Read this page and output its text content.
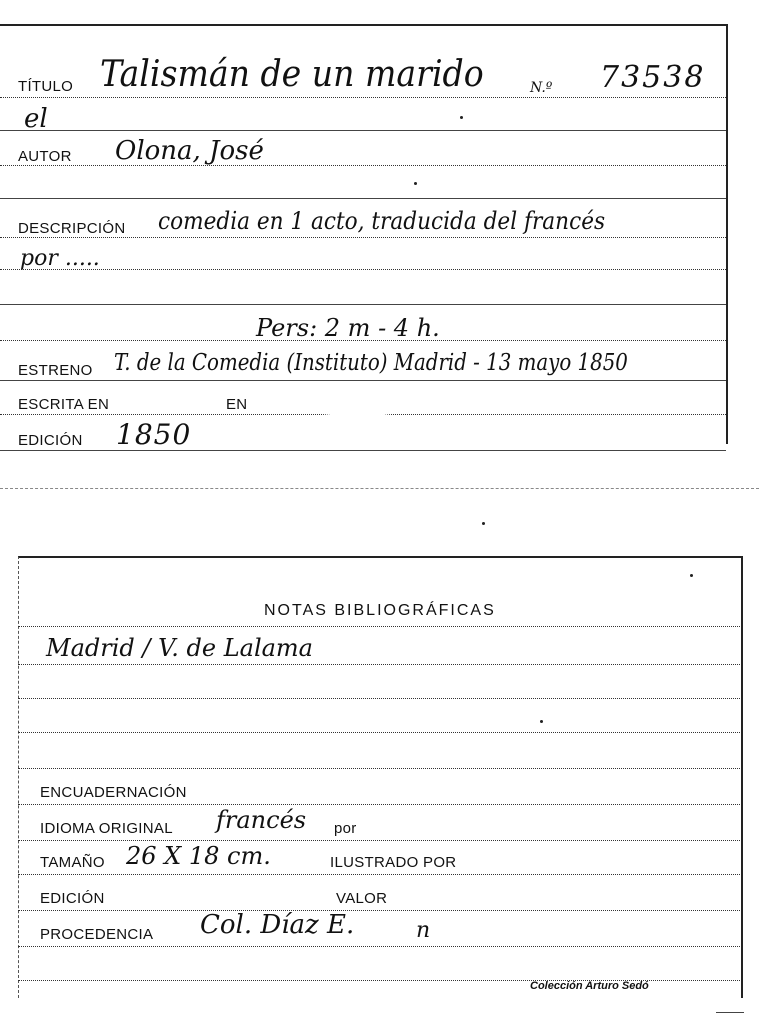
TÍTULO Talismán de un marido	N.º 73538
el
AUTOR Olona, José
DESCRIPCIÓN comedia en 1 acto, traducida del francés
por .....
Pers: 2 m - 4 h.
ESTRENO T. de la Comedia (Instituto) Madrid - 13 mayo 1850
ESCRITA EN	EN
EDICIÓN 1850
NOTAS BIBLIOGRÁFICAS
Madrid / V. de Lalama
ENCUADERNACIÓN
IDIOMA ORIGINAL francés por
TAMAÑO 26 X 18 cm.	ILUSTRADO POR
EDICIÓN	VALOR
PROCEDENCIA Col. Díaz E.	n
Colección Arturo Sedó
